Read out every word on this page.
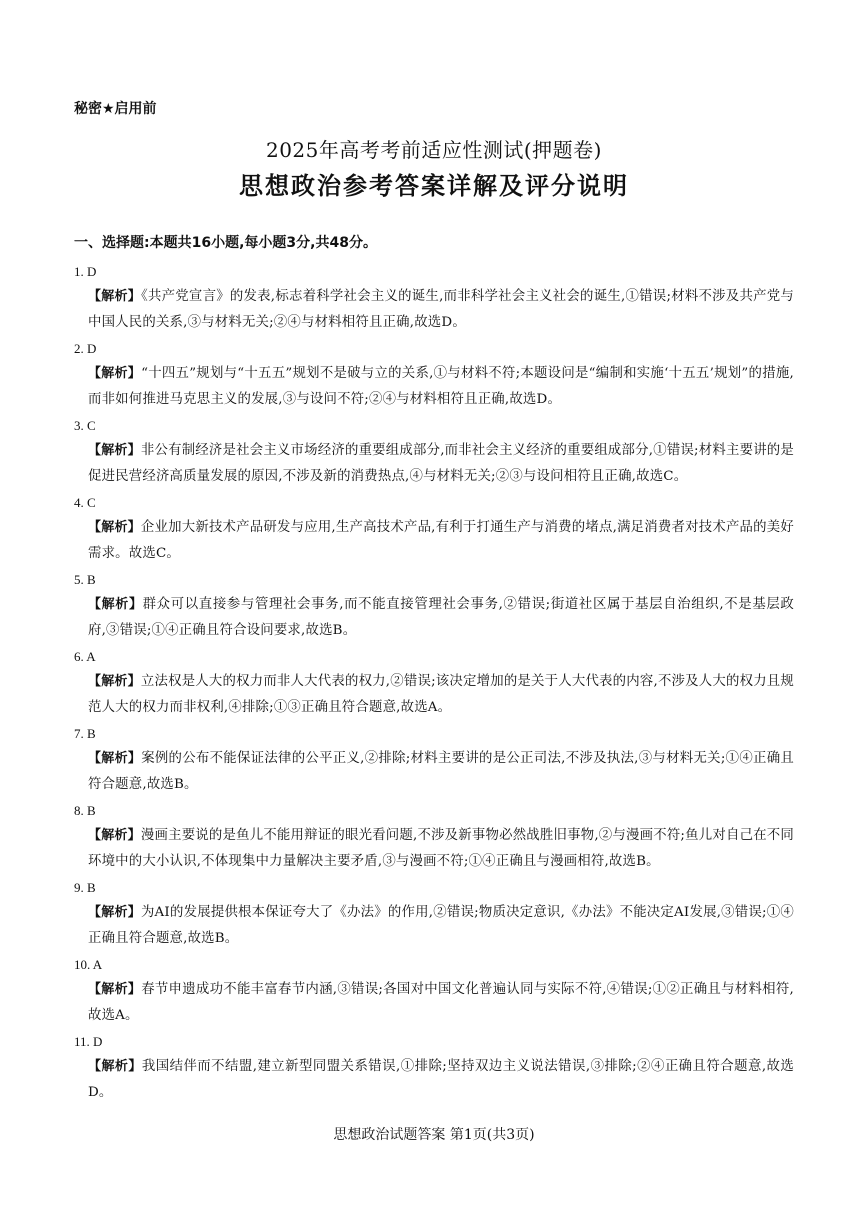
秘密★启用前
2025年高考考前适应性测试(押题卷)
思想政治参考答案详解及评分说明
一、选择题:本题共16小题,每小题3分,共48分。
1. D
【解析】《共产党宣言》的发表,标志着科学社会主义的诞生,而非科学社会主义社会的诞生,①错误;材料不涉及共产党与中国人民的关系,③与材料无关;②④与材料相符且正确,故选D。
2. D
【解析】“十四五”规划与“十五五”规划不是破与立的关系,①与材料不符;本题设问是“编制和实施‘十五五’规划”的措施,而非如何推进马克思主义的发展,③与设问不符;②④与材料相符且正确,故选D。
3. C
【解析】非公有制经济是社会主义市场经济的重要组成部分,而非社会主义经济的重要组成部分,①错误;材料主要讲的是促进民营经济高质量发展的原因,不涉及新的消费热点,④与材料无关;②③与设问相符且正确,故选C。
4. C
【解析】企业加大新技术产品研发与应用,生产高技术产品,有利于打通生产与消费的堵点,满足消费者对技术产品的美好需求。故选C。
5. B
【解析】群众可以直接参与管理社会事务,而不能直接管理社会事务,②错误;街道社区属于基层自治组织,不是基层政府,③错误;①④正确且符合设问要求,故选B。
6. A
【解析】立法权是人大的权力而非人大代表的权力,②错误;该决定增加的是关于人大代表的内容,不涉及人大的权力且规范人大的权力而非权利,④排除;①③正确且符合题意,故选A。
7. B
【解析】案例的公布不能保证法律的公平正义,②排除;材料主要讲的是公正司法,不涉及执法,③与材料无关;①④正确且符合题意,故选B。
8. B
【解析】漫画主要说的是鱼儿不能用辩证的眼光看问题,不涉及新事物必然战胜旧事物,②与漫画不符;鱼儿对自己在不同环境中的大小认识,不体现集中力量解决主要矛盾,③与漫画不符;①④正确且与漫画相符,故选B。
9. B
【解析】为AI的发展提供根本保证夸大了《办法》的作用,②错误;物质决定意识,《办法》不能决定AI发展,③错误;①④正确且符合题意,故选B。
10. A
【解析】春节申遗成功不能丰富春节内涵,③错误;各国对中国文化普遍认同与实际不符,④错误;①②正确且与材料相符,故选A。
11. D
【解析】我国结伴而不结盟,建立新型同盟关系错误,①排除;坚持双边主义说法错误,③排除;②④正确且符合题意,故选D。
思想政治试题答案 第1页(共3页)
